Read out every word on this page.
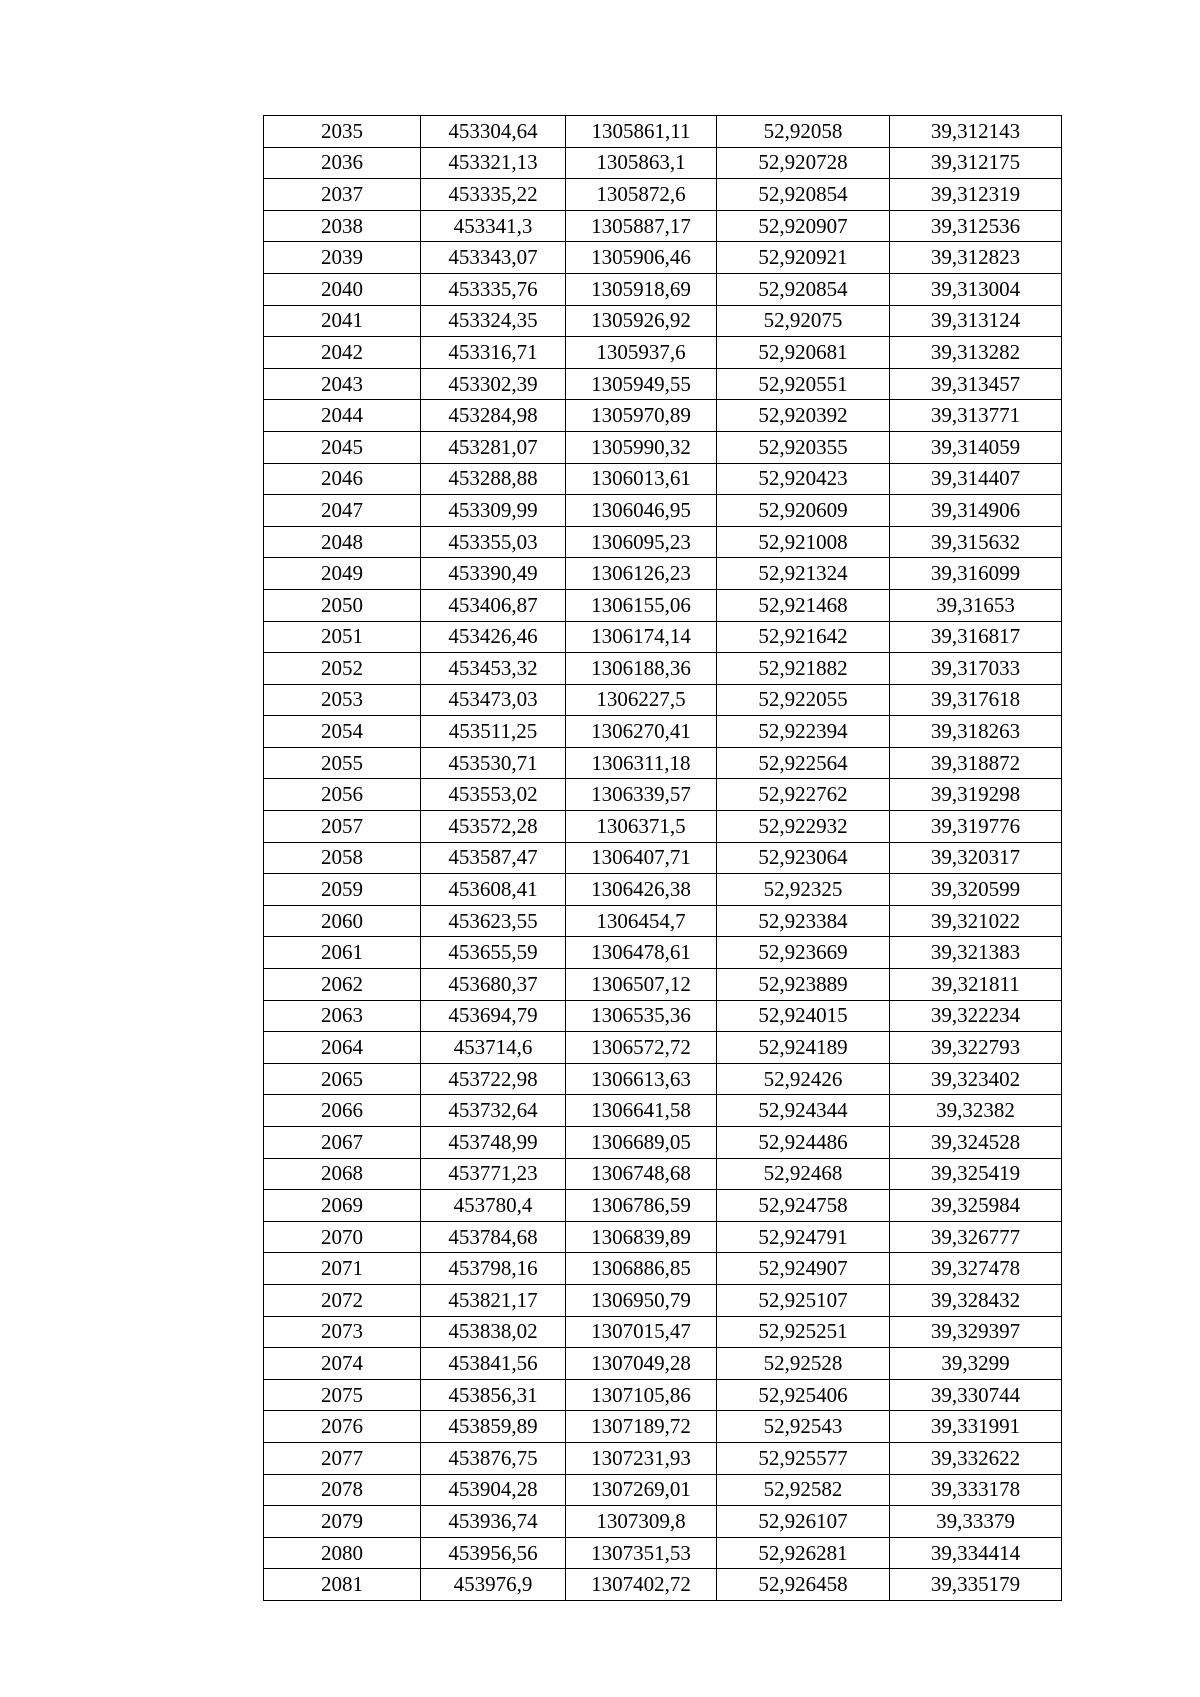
2035	453304,64	1305861,11	52,92058	39,312143
2036	453321,13	1305863,1	52,920728	39,312175
2037	453335,22	1305872,6	52,920854	39,312319
2038	453341,3	1305887,17	52,920907	39,312536
2039	453343,07	1305906,46	52,920921	39,312823
2040	453335,76	1305918,69	52,920854	39,313004
2041	453324,35	1305926,92	52,92075	39,313124
2042	453316,71	1305937,6	52,920681	39,313282
2043	453302,39	1305949,55	52,920551	39,313457
2044	453284,98	1305970,89	52,920392	39,313771
2045	453281,07	1305990,32	52,920355	39,314059
2046	453288,88	1306013,61	52,920423	39,314407
2047	453309,99	1306046,95	52,920609	39,314906
2048	453355,03	1306095,23	52,921008	39,315632
2049	453390,49	1306126,23	52,921324	39,316099
2050	453406,87	1306155,06	52,921468	39,31653
2051	453426,46	1306174,14	52,921642	39,316817
2052	453453,32	1306188,36	52,921882	39,317033
2053	453473,03	1306227,5	52,922055	39,317618
2054	453511,25	1306270,41	52,922394	39,318263
2055	453530,71	1306311,18	52,922564	39,318872
2056	453553,02	1306339,57	52,922762	39,319298
2057	453572,28	1306371,5	52,922932	39,319776
2058	453587,47	1306407,71	52,923064	39,320317
2059	453608,41	1306426,38	52,92325	39,320599
2060	453623,55	1306454,7	52,923384	39,321022
2061	453655,59	1306478,61	52,923669	39,321383
2062	453680,37	1306507,12	52,923889	39,321811
2063	453694,79	1306535,36	52,924015	39,322234
2064	453714,6	1306572,72	52,924189	39,322793
2065	453722,98	1306613,63	52,92426	39,323402
2066	453732,64	1306641,58	52,924344	39,32382
2067	453748,99	1306689,05	52,924486	39,324528
2068	453771,23	1306748,68	52,92468	39,325419
2069	453780,4	1306786,59	52,924758	39,325984
2070	453784,68	1306839,89	52,924791	39,326777
2071	453798,16	1306886,85	52,924907	39,327478
2072	453821,17	1306950,79	52,925107	39,328432
2073	453838,02	1307015,47	52,925251	39,329397
2074	453841,56	1307049,28	52,92528	39,3299
2075	453856,31	1307105,86	52,925406	39,330744
2076	453859,89	1307189,72	52,92543	39,331991
2077	453876,75	1307231,93	52,925577	39,332622
2078	453904,28	1307269,01	52,92582	39,333178
2079	453936,74	1307309,8	52,926107	39,33379
2080	453956,56	1307351,53	52,926281	39,334414
2081	453976,9	1307402,72	52,926458	39,335179
